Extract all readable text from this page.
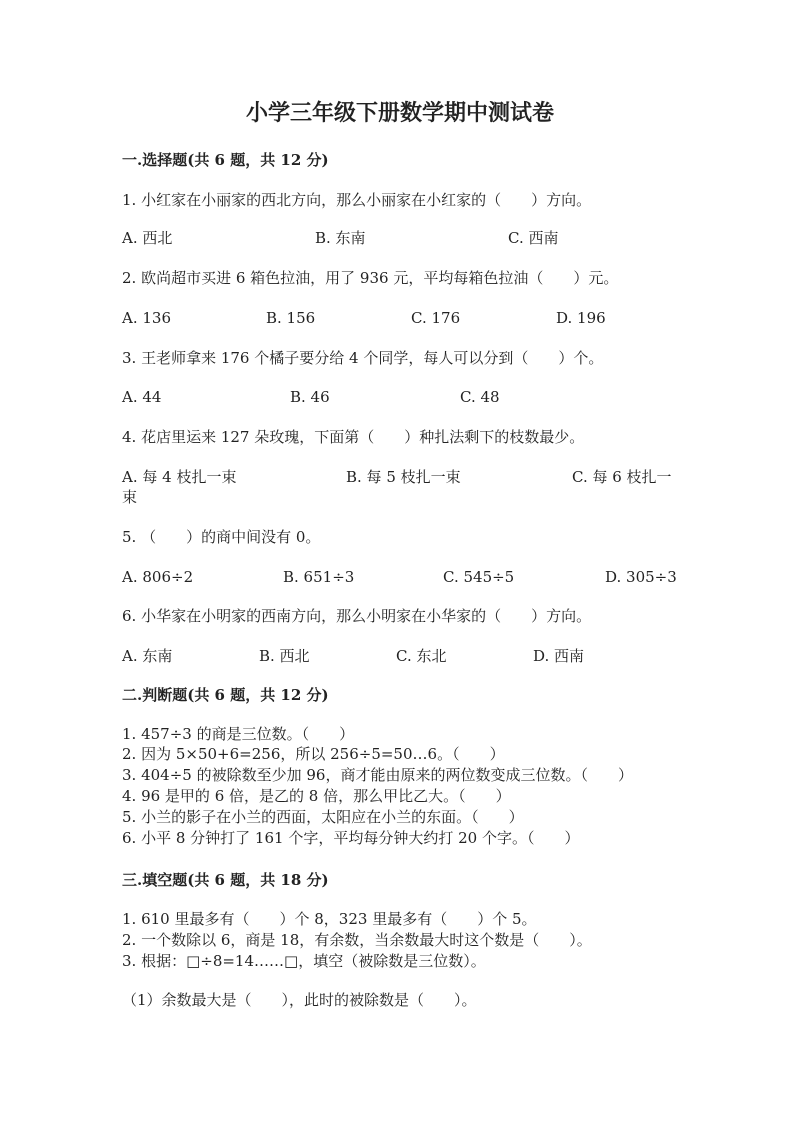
小学三年级下册数学期中测试卷
一.选择题(共 6 题，共 12 分)
1. 小红家在小丽家的西北方向，那么小丽家在小红家的（　　）方向。
A. 西北	B. 东南	C. 西南
2. 欧尚超市买进 6 箱色拉油，用了 936 元，平均每箱色拉油（　　）元。
A. 136	B. 156	C. 176	D. 196
3. 王老师拿来 176 个橘子要分给 4 个同学，每人可以分到（　　）个。
A. 44	B. 46	C. 48
4. 花店里运来 127 朵玫瑰，下面第（　　）种扎法剩下的枝数最少。
A. 每 4 枝扎一束	B. 每 5 枝扎一束	C. 每 6 枝扎一
束
5. （　　）的商中间没有 0。
A. 806÷2	B. 651÷3	C. 545÷5	D. 305÷3
6. 小华家在小明家的西南方向，那么小明家在小华家的（　　）方向。
A. 东南	B. 西北	C. 东北	D. 西南
二.判断题(共 6 题，共 12 分)
1. 457÷3 的商是三位数。（　　）
2. 因为 5×50+6=256，所以 256÷5=50…6。（　　）
3. 404÷5 的被除数至少加 96，商才能由原来的两位数变成三位数。（　　）
4. 96 是甲的 6 倍，是乙的 8 倍，那么甲比乙大。（　　）
5. 小兰的影子在小兰的西面，太阳应在小兰的东面。（　　）
6. 小平 8 分钟打了 161 个字，平均每分钟大约打 20 个字。（　　）
三.填空题(共 6 题，共 18 分)
1. 610 里最多有（　　）个 8，323 里最多有（　　）个 5。
2. 一个数除以 6，商是 18，有余数，当余数最大时这个数是（　　）。
3. 根据：□÷8=14……□，填空（被除数是三位数）。
（1）余数最大是（　　），此时的被除数是（　　）。
